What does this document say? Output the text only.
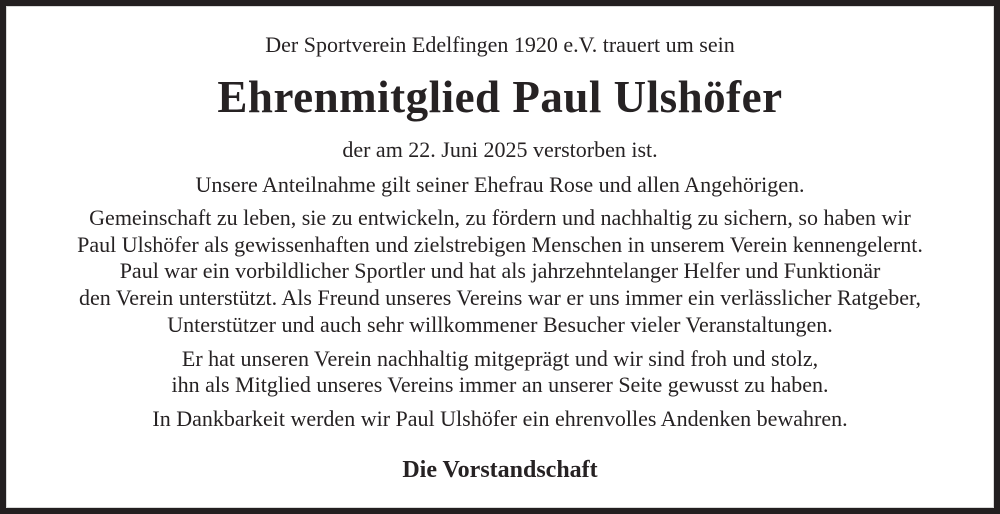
Der Sportverein Edelfingen 1920 e.V. trauert um sein
Ehrenmitglied Paul Ulshöfer
der am 22. Juni 2025 verstorben ist.
Unsere Anteilnahme gilt seiner Ehefrau Rose und allen Angehörigen.
Gemeinschaft zu leben, sie zu entwickeln, zu fördern und nachhaltig zu sichern, so haben wir
Paul Ulshöfer als gewissenhaften und zielstrebigen Menschen in unserem Verein kennengelernt.
Paul war ein vorbildlicher Sportler und hat als jahrzehntelanger Helfer und Funktionär
den Verein unterstützt. Als Freund unseres Vereins war er uns immer ein verlässlicher Ratgeber,
Unterstützer und auch sehr willkommener Besucher vieler Veranstaltungen.
Er hat unseren Verein nachhaltig mitgeprägt und wir sind froh und stolz,
ihn als Mitglied unseres Vereins immer an unserer Seite gewusst zu haben.
In Dankbarkeit werden wir Paul Ulshöfer ein ehrenvolles Andenken bewahren.
Die Vorstandschaft
